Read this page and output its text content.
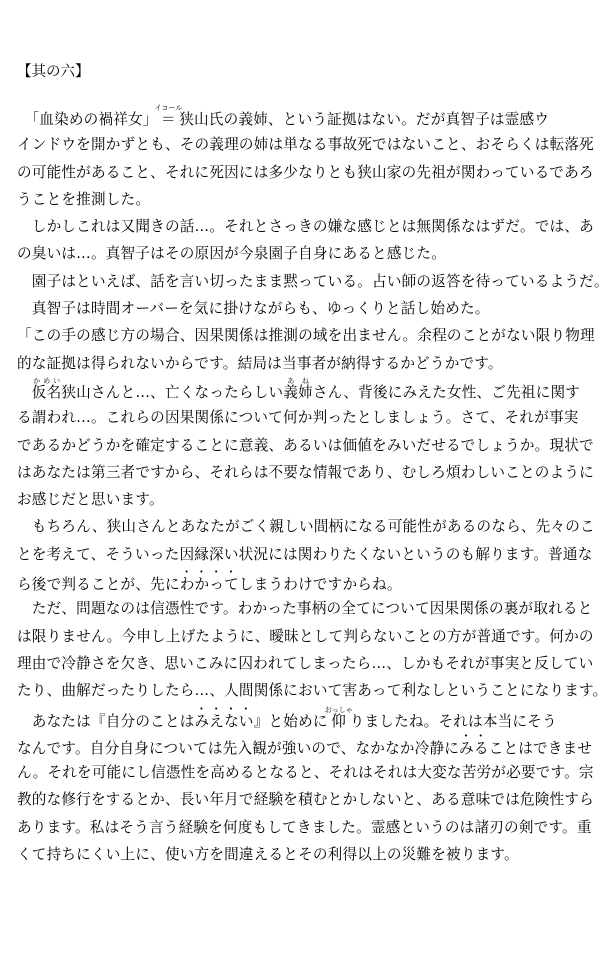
【其の六】
　「血染めの禍祥女」＝イコール狭山氏の義姉、という証拠はない。だが真智子は霊感ウ
インドウを開かずとも、その義理の姉は単なる事故死ではないこと、おそらくは転落死
の可能性があること、それに死因には多少なりとも狭山家の先祖が関わっているであろ
うことを推測した。
　しかしこれは又聞きの話…。それとさっきの嫌な感じとは無関係なはずだ。では、あ
の臭いは…。真智子はその原因が今泉園子自身にあると感じた。
　園子はといえば、話を言い切ったまま黙っている。占い師の返答を待っているようだ。
　真智子は時間オーバーを気に掛けながらも、ゆっくりと話し始めた。
「この手の感じ方の場合、因果関係は推測の域を出ません。余程のことがない限り物理
的な証拠は得られないからです。結局は当事者が納得するかどうかです。
　仮名かめい狭山さんと…、亡くなったらしい義姉あねさん、背後にみえた女性、ご先祖に関す
る謂われ…。これらの因果関係について何か判ったとしましょう。さて、それが事実
であるかどうかを確定することに意義、あるいは価値をみいだせるでしょうか。現状で
はあなたは第三者ですから、それらは不要な情報であり、むしろ煩わしいことのように
お感じだと思います。
　もちろん、狭山さんとあなたがごく親しい間柄になる可能性があるのなら、先々のこ
とを考えて、そういった因縁深い状況には関わりたくないというのも解ります。普通な
ら後で判ることが、先にわかってしまうわけですからね。
　ただ、問題なのは信憑性です。わかった事柄の全てについて因果関係の裏が取れると
は限りません。今申し上げたように、曖昧として判らないことの方が普通です。何かの
理由で冷静さを欠き、思いこみに囚われてしまったら…、しかもそれが事実と反してい
たり、曲解だったりしたら…、人間関係において害あって利なしということになります。
　あなたは『自分のことはみえない』と始めに仰おっしゃりましたね。それは本当にそう
なんです。自分自身については先入観が強いので、なかなか冷静にみることはできませ
ん。それを可能にし信憑性を高めるとなると、それはそれは大変な苦労が必要です。宗
教的な修行をするとか、長い年月で経験を積むとかしないと、ある意味では危険性すら
あります。私はそう言う経験を何度もしてきました。霊感というのは諸刃の剣です。重
くて持ちにくい上に、使い方を間違えるとその利得以上の災難を被ります。
